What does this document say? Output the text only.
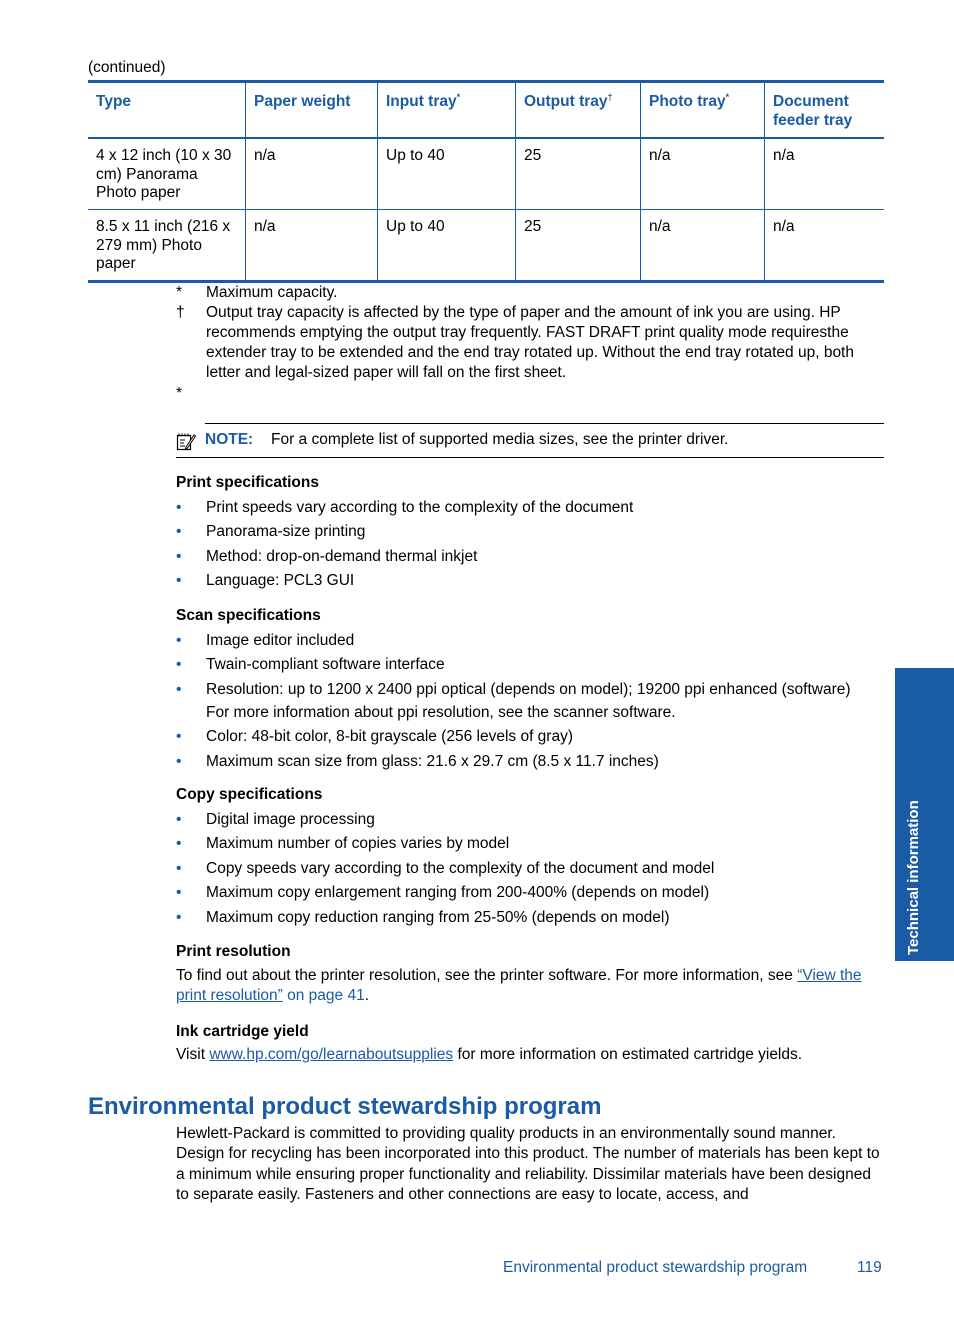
(continued)
Type	Paper weight	Input tray*	Output tray†	Photo tray*	Document feeder tray
4 x 12 inch (10 x 30 cm) Panorama Photo paper	n/a	Up to 40	25	n/a	n/a
8.5 x 11 inch (216 x 279 mm) Photo paper	n/a	Up to 40	25	n/a	n/a
*	Maximum capacity.
†	Output tray capacity is affected by the type of paper and the amount of ink you are using. HP recommends emptying the output tray frequently. FAST DRAFT print quality mode requiresthe extender tray to be extended and the end tray rotated up. Without the end tray rotated up, both letter and legal-sized paper will fall on the first sheet.
*
NOTE: For a complete list of supported media sizes, see the printer driver.
Print specifications
• Print speeds vary according to the complexity of the document
• Panorama-size printing
• Method: drop-on-demand thermal inkjet
• Language: PCL3 GUI
Scan specifications
• Image editor included
• Twain-compliant software interface
• Resolution: up to 1200 x 2400 ppi optical (depends on model); 19200 ppi enhanced (software)
For more information about ppi resolution, see the scanner software.
• Color: 48-bit color, 8-bit grayscale (256 levels of gray)
• Maximum scan size from glass: 21.6 x 29.7 cm (8.5 x 11.7 inches)
Copy specifications
• Digital image processing
• Maximum number of copies varies by model
• Copy speeds vary according to the complexity of the document and model
• Maximum copy enlargement ranging from 200-400% (depends on model)
• Maximum copy reduction ranging from 25-50% (depends on model)
Print resolution

To find out about the printer resolution, see the printer software. For more information, see “View the print resolution” on page 41.

Ink cartridge yield

Visit www.hp.com/go/learnaboutsupplies for more information on estimated cartridge yields.

Environmental product stewardship program
Hewlett-Packard is committed to providing quality products in an environmentally sound manner. Design for recycling has been incorporated into this product. The number of materials has been kept to a minimum while ensuring proper functionality and reliability. Dissimilar materials have been designed to separate easily. Fasteners and other connections are easy to locate, access, and
Environmental product stewardship program	119
Technical information
